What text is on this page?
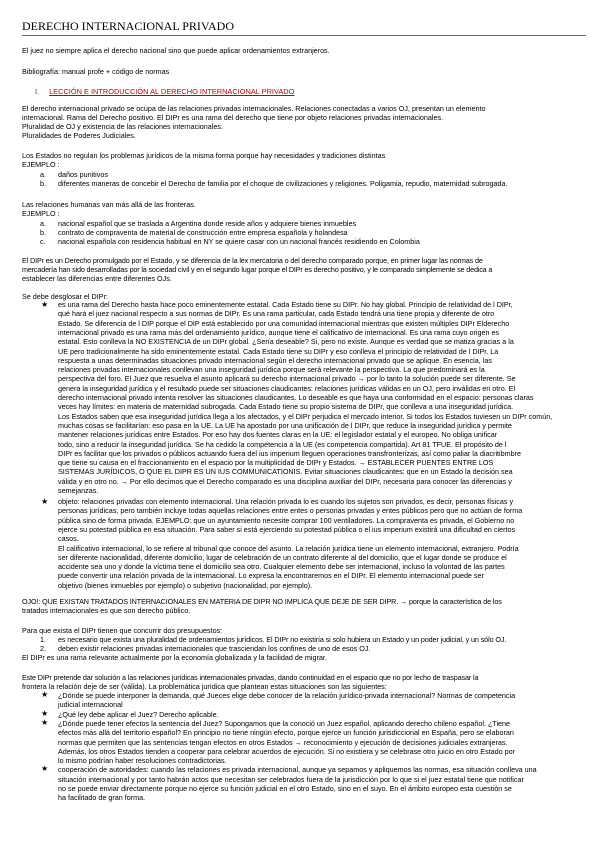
DERECHO INTERNACIONAL PRIVADO
El juez no siempre aplica el derecho nacional sino que puede aplicar ordenamientos extranjeros.
Bibliografía: manual profe + código de normas
I. LECCIÓN E INTRODUCCIÓN AL DERECHO INTERNACIONAL PRIVADO
El derecho internacional privado se ocupa de las relaciones privadas internacionales. Relaciones conectadas a varios OJ, presentan un elemento
internacional. Rama del Derecho positivo. El DIPr es una rama del derecho que tiene por objeto relaciones privadas internacionales.
Pluralidad de OJ y existencia de las relaciones internacionales.
Pluralidades de Poderes Judiciales.
Los Estados no regulan los problemas jurídicos de la misma forma porque hay necesidades y tradiciones distintas
EJEMPLO :
a. daños punitivos
b. diferentes maneras de concebir el Derecho de familia por el choque de civilizaciones y religiones. Poligamia, repudio, maternidad subrogada.
Las relaciones humanas van más allá de las fronteras.
EJEMPLO :
a. nacional español que se traslada a Argentina donde reside años y adquiere bienes inmuebles
b. contrato de compraventa de material de construcción entre empresa española y holandesa
c. nacional española con residencia habitual en NY se quiere casar con un nacional francés residiendo en Colombia
El DIPr es un Derecho promulgado por el Estado, y se diferencia de la lex mercatoria o del derecho comparado porque, en primer lugar las normas de
mercadería han sido desarrolladas por la sociedad civil y en el segundo lugar porque el DIPr es derecho positivo, y le comparado simplemente se dedica a
establecer las diferencias entre diferentes OJs.
Se debe desglosar el DIPr:
★ es una rama del Derecho hasta hace poco eminentemente estatal. Cada Estado tiene su DIPr. No hay global. Principio de relatividad de l DIPr,
qué hará el juez nacional respecto a sus normas de DIPr. Es una rama particular, cada Estado tendrá una tiene propia y diferente de otro
Estado. Se diferencia de l DIP porque el DIP está establecido por una comunidad internacional mientras que existen múltiples DIPr Elderecho
internacional privado es una rama más del ordenamiento jurídico, aunque tiene el calificativo de internacional. Es una rama cuyo origen es
estatal. Esto conlleva la NO EXISTENCIA de un DIPr global. ¿Sería deseable? Si, pero no existe. Aunque es verdad que se matiza gracias a la
UE pero tradicionalmente ha sido eminentemente estatal. Cada Estado tiene su DIPr y eso conlleva el principio de relatividad de l DIPr. La
respuesta a unas determinadas situaciones privado internacional según el derecho internacional privado que se aplique. En esencia, las
relaciones privadas internacionales conllevan una inseguridad jurídica porque será relevante la perspectiva. La que predominará es la
perspectiva del foro. El Juez que resuelva el asunto aplicará su derecho internacional privado → por lo tanto la solución puede ser diferente. Se
genera la inseguridad jurídica y el resultado puede ser situaciones claudicantes: relaciones jurídicas válidas en un OJ, pero inválidas en otro. El
derecho internacional privado intenta resolver las situaciones claudicantes. Lo deseable es que haya una conformidad en el espacio: personas claras
veces hay límites: en materia de maternidad subrogada. Cada Estado tiene su propio sistema de DIPr, que conlleva a una inseguridad jurídica.
Los Estados saben que esa inseguridad jurídica llega a los afectados, y el DIPr perjudica el mercado interior. Si todos los Estados tuviesen un DIPr común,
muchas cosas se facilitarían: eso pasa en la UE. La UE ha apostado por una unificación de l DIPr, que reduce la inseguridad jurídica y permite
mantener relaciones jurídicas entre Estados. Por eso hay dos fuentes claras en la UE: el legislador estatal y el europeo. No obliga unificar
todo, sino a reducir la inseguridad jurídica. Se ha cedido la competencia a la UE (es competencia compartida). Art 81 TFUE. El propósito de l
DIPr es facilitar que los privados o públicos actuando fuera del ius imperium lleguen operaciones transfronterizas, así como paliar la diacritibmbre
que tiene su causa en el fraccionamiento en el espacio por la multiplicidad de DIPr y Estados. → ESTABLECER PUENTES ENTRE LOS
SISTEMAS JURÍDICOS, O QUE EL DIPR ES UN IUS COMMUNICATIONIS. Evitar situaciones claudicantes: que en un Estado la decisión sea
válida y en otro no. → Por ello decimos que el Derecho comparado es una disciplina auxiliar del DIPr, necesaria para conocer las diferencias y
semejanzas.
★ objeto: relaciones privadas con elemento internacional. Una relación privada lo es cuando los sujetos son privados, es decir, personas físicas y
personas jurídicas, pero también incluye todas aquellas relaciones entre entes o personas privadas y entes públicos pero que no actúan de forma
pública sino de forma privada. EJEMPLO: que un ayuntamiento necesite comprar 100 ventiladores. La compraventa es privada, el Gobierno no
ejerce su potestad pública en esa situación. Para saber si está ejerciendo su potestad pública o el ius imperium existirá una dificultad en ciertos
casos.
El calificativo internacional, lo se refiere al tribunal que conoce del asunto. La relación jurídica tiene un elemento internacional, extranjero. Podría
ser diferente nacionalidad, diferente domicilio, lugar de celebración de un contrato diferente al del domicilio, que el lugar donde se produce el
accidente sea uno y donde la víctima tiene el domicilio sea otro. Cualquier elemento debe ser internacional, incluso la voluntad de las partes
puede convertir una relación privada de la internacional. Lo expresa la encontraremos en el DIPr. El elemento internacional puede ser
objetivo (bienes inmuebles por ejemplo) o subjetivo (nacionalidad, por ejemplo).
OJO!: QUE EXISTAN TRATADOS INTERNACIONALES EN MATERIA DE DIPR NO IMPLICA QUE DEJE DE SER DIPR. → porque la característica de los
tratados internacionales es que son derecho público.
Para que exista el DIPr tienen que concurrir dos presupuestos:
1. es necesario que exista una pluralidad de ordenamientos jurídicos. El DIPr no existiría si solo hubiera un Estado y un poder judicial, y un sólo OJ.
2. deben existir relaciones privadas internacionales que trasciendan los confines de uno de esos OJ.
El DIPr es una rama relevante actualmente por la economía globalizada y la facilidad de migrar.
Este DIPr pretende dar solución a las relaciones jurídicas internacionales privadas, dando continuidad en el espacio que no por lecho de traspasar la
frontera la relación deje de ser (válida). La problemática jurídica que plantean estas situaciones son las siguientes:
★ ¿Dónde se puede interponer la demanda, qué Jueces elige debe conocer de la relación jurídico-privada internacional? Normas de competencia
judicial internacional
★ ¿Qué ley debe aplicar el Juez? Derecho aplicable.
★ ¿Dónde puede tener efectos la sentencia del Juez? Supongamos que la conoció un Juez español, aplicando derecho chileno español. ¿Tiene
efectos más allá del territorio español? En principio no tiene ningún efecto, porque ejerce un función jurisdiccional en España, pero se elaboran
normas que permiten que las sentencias tengan efectos en otros Estados → reconocimiento y ejecución de decisiones judiciales extranjeras.
Además, los otros Estados tienden a cooperar para celebrar acuerdos de ejecución. Si no existiera y se celebrase otro juicio en otro Estado por
lo mismo podrían haber resoluciones contradictorias.
★ cooperación de autoridades: cuando las relaciones es privada internacional, aunque ya sepamos y apliquemos las normas, esa situación conlleva una
situación internacional y por tanto habrán actos que necesitan ser celebrados fuera de la jurisdicción por lo que si el juez estatal tiene que notificar
no se puede enviar directamente porque no ejerce su función judicial en el otro Estado, sino en el suyo. En el ámbito europeo esta cuestión se
ha facilitado de gran forma.
